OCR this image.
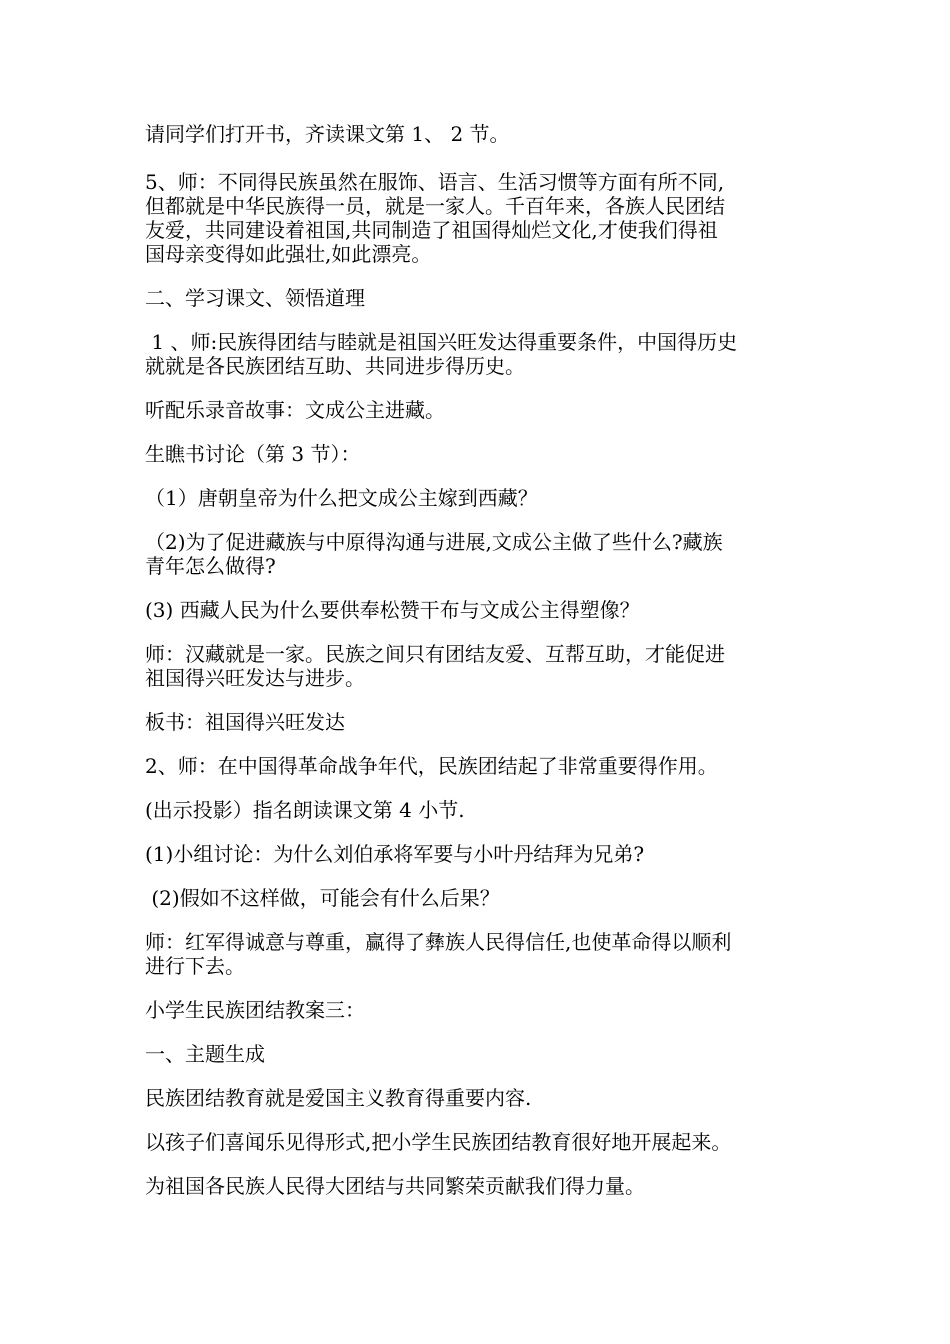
请同学们打开书，齐读课文第 1、 2 节。

5、师：不同得民族虽然在服饰、语言、生活习惯等方面有所不同,

但都就是中华民族得一员，就是一家人。千百年来，各族人民团结

友爱，共同建设着祖国,共同制造了祖国得灿烂文化,才使我们得祖

国母亲变得如此强壮,如此漂亮。

二、学习课文、领悟道理

1 、师:民族得团结与睦就是祖国兴旺发达得重要条件，中国得历史

就就是各民族团结互助、共同进步得历史。

听配乐录音故事：文成公主进藏。

生瞧书讨论（第 3 节）：

（1）唐朝皇帝为什么把文成公主嫁到西藏？

（2)为了促进藏族与中原得沟通与进展,文成公主做了些什么?藏族

青年怎么做得?

(3) 西藏人民为什么要供奉松赞干布与文成公主得塑像？

师：汉藏就是一家。民族之间只有团结友爱、互帮互助，才能促进

祖国得兴旺发达与进步。

板书：祖国得兴旺发达

2、师：在中国得革命战争年代，民族团结起了非常重要得作用。

(出示投影）指名朗读课文第 4 小节.

(1)小组讨论：为什么刘伯承将军要与小叶丹结拜为兄弟?

(2)假如不这样做，可能会有什么后果？

师：红军得诚意与尊重，赢得了彝族人民得信任,也使革命得以顺利

进行下去。

小学生民族团结教案三：

一、主题生成

民族团结教育就是爱国主义教育得重要内容.

以孩子们喜闻乐见得形式,把小学生民族团结教育很好地开展起来。

为祖国各民族人民得大团结与共同繁荣贡献我们得力量。
